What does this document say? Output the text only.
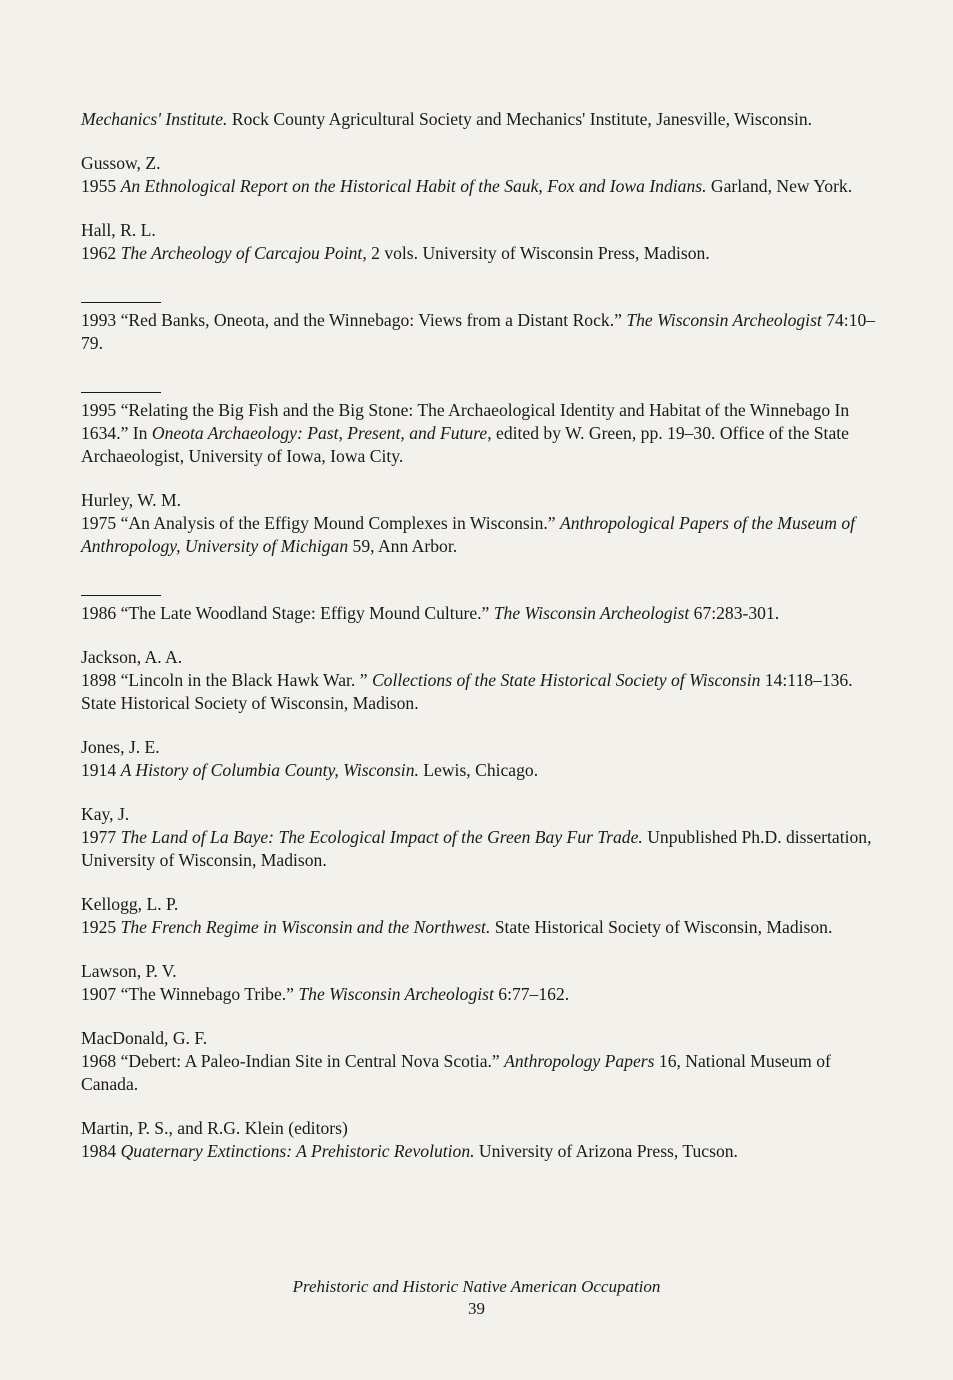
Mechanics' Institute. Rock County Agricultural Society and Mechanics' Institute, Janesville, Wisconsin.

Gussow, Z.

1955 An Ethnological Report on the Historical Habit of the Sauk, Fox and Iowa Indians. Garland, New York.

Hall, R. L.

1962 The Archeology of Carcajou Point, 2 vols. University of Wisconsin Press, Madison.

1993 “Red Banks, Oneota, and the Winnebago: Views from a Distant Rock.” The Wisconsin Archeologist 74:10–79.

1995 “Relating the Big Fish and the Big Stone: The Archaeological Identity and Habitat of the Winnebago In 1634.” In Oneota Archaeology: Past, Present, and Future, edited by W. Green, pp. 19–30. Office of the State Archaeologist, University of Iowa, Iowa City.

Hurley, W. M.

1975 “An Analysis of the Effigy Mound Complexes in Wisconsin.” Anthropological Papers of the Museum of Anthropology, University of Michigan 59, Ann Arbor.

1986 “The Late Woodland Stage: Effigy Mound Culture.” The Wisconsin Archeologist 67:283-301.

Jackson, A. A.

1898 “Lincoln in the Black Hawk War. ” Collections of the State Historical Society of Wisconsin 14:118–136. State Historical Society of Wisconsin, Madison.

Jones, J. E.

1914 A History of Columbia County, Wisconsin. Lewis, Chicago.

Kay, J.

1977 The Land of La Baye: The Ecological Impact of the Green Bay Fur Trade. Unpublished Ph.D. dissertation, University of Wisconsin, Madison.

Kellogg, L. P.

1925 The French Regime in Wisconsin and the Northwest. State Historical Society of Wisconsin, Madison.

Lawson, P. V.

1907 “The Winnebago Tribe.” The Wisconsin Archeologist 6:77–162.

MacDonald, G. F.

1968 “Debert: A Paleo-Indian Site in Central Nova Scotia.” Anthropology Papers 16, National Museum of Canada.

Martin, P. S., and R.G. Klein (editors)

1984 Quaternary Extinctions: A Prehistoric Revolution. University of Arizona Press, Tucson.

Prehistoric and Historic Native American Occupation
39
